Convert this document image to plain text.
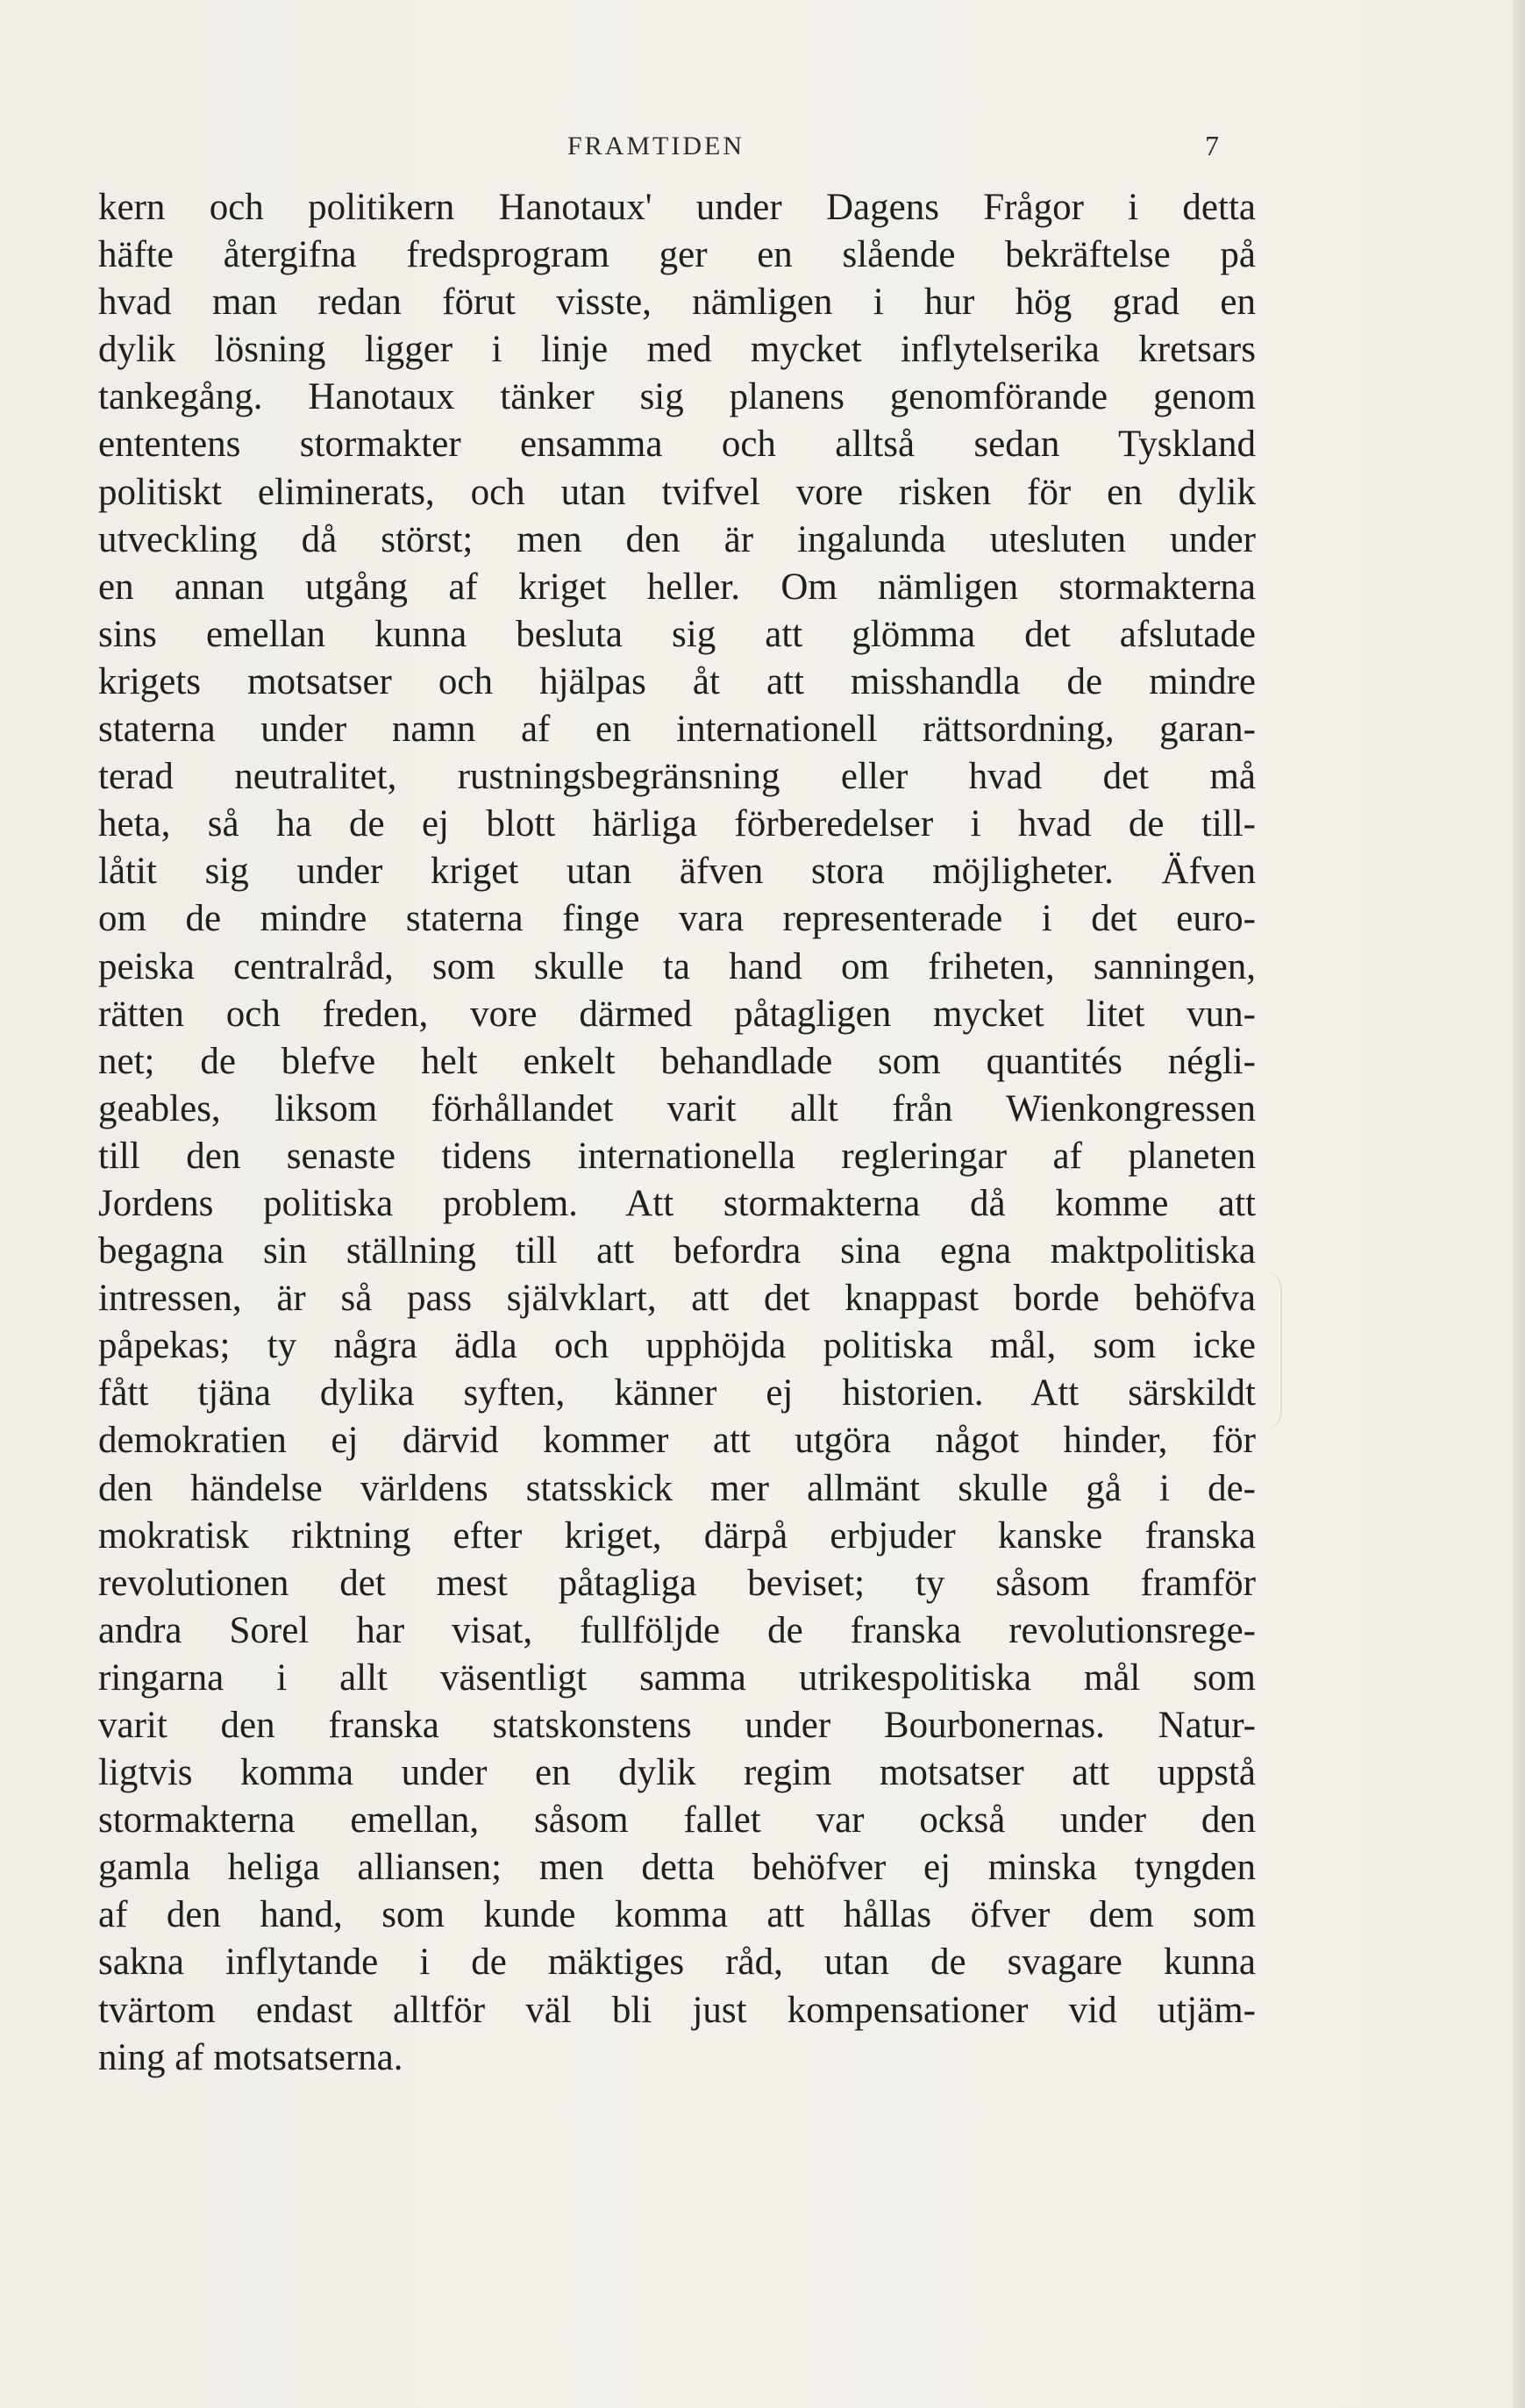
FRAMTIDEN	7
kern och politikern Hanotaux' under Dagens Frågor i detta
häfte återgifna fredsprogram ger en slående bekräftelse på
hvad man redan förut visste, nämligen i hur hög grad en
dylik lösning ligger i linje med mycket inflytelserika kretsars
tankegång. Hanotaux tänker sig planens genomförande genom
ententens stormakter ensamma och alltså sedan Tyskland
politiskt eliminerats, och utan tvifvel vore risken för en dylik
utveckling då störst; men den är ingalunda utesluten under
en annan utgång af kriget heller. Om nämligen stormakterna
sins emellan kunna besluta sig att glömma det afslutade
krigets motsatser och hjälpas åt att misshandla de mindre
staterna under namn af en internationell rättsordning, garan-
terad neutralitet, rustningsbegränsning eller hvad det må
heta, så ha de ej blott härliga förberedelser i hvad de till-
låtit sig under kriget utan äfven stora möjligheter. Äfven
om de mindre staterna finge vara representerade i det euro-
peiska centralråd, som skulle ta hand om friheten, sanningen,
rätten och freden, vore därmed påtagligen mycket litet vun-
net; de blefve helt enkelt behandlade som quantités négli-
geables, liksom förhållandet varit allt från Wienkongressen
till den senaste tidens internationella regleringar af planeten
Jordens politiska problem. Att stormakterna då komme att
begagna sin ställning till att befordra sina egna maktpolitiska
intressen, är så pass självklart, att det knappast borde behöfva
påpekas; ty några ädla och upphöjda politiska mål, som icke
fått tjäna dylika syften, känner ej historien. Att särskildt
demokratien ej därvid kommer att utgöra något hinder, för
den händelse världens statsskick mer allmänt skulle gå i de-
mokratisk riktning efter kriget, därpå erbjuder kanske franska
revolutionen det mest påtagliga beviset; ty såsom framför
andra Sorel har visat, fullföljde de franska revolutionsrege-
ringarna i allt väsentligt samma utrikespolitiska mål som
varit den franska statskonstens under Bourbonernas. Natur-
ligtvis komma under en dylik regim motsatser att uppstå
stormakterna emellan, såsom fallet var också under den
gamla heliga alliansen; men detta behöfver ej minska tyngden
af den hand, som kunde komma att hållas öfver dem som
sakna inflytande i de mäktiges råd, utan de svagare kunna
tvärtom endast alltför väl bli just kompensationer vid utjäm-
ning af motsatserna.
